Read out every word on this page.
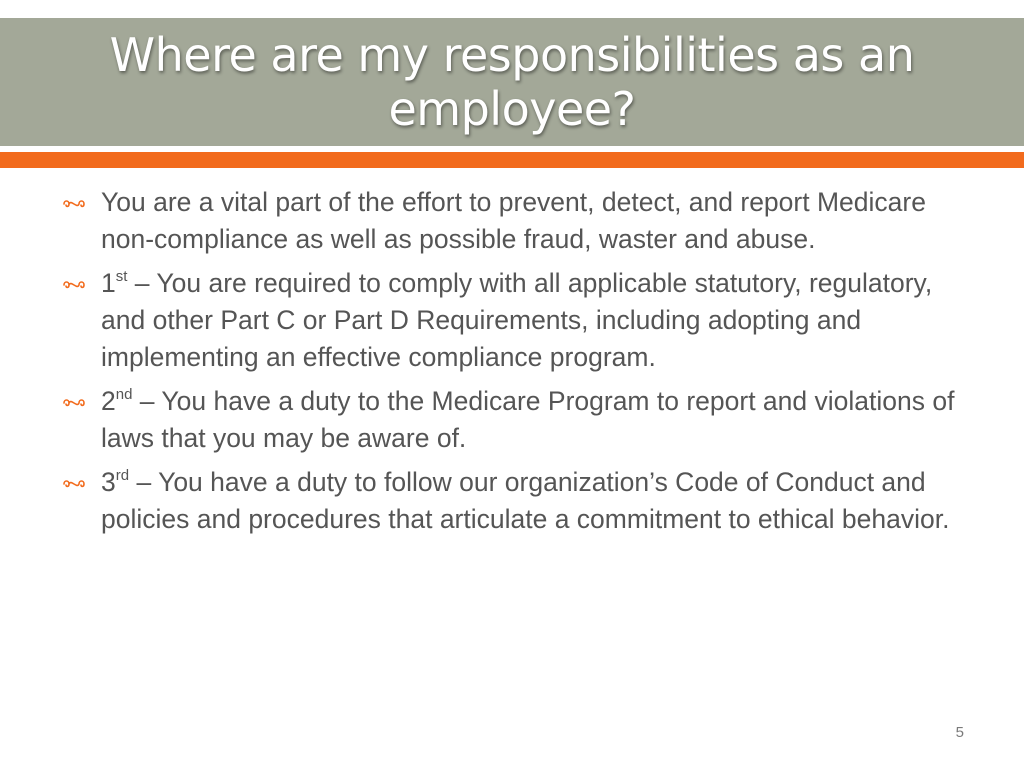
Where are my responsibilities as an employee?
You are a vital part of the effort to prevent, detect, and report Medicare non-compliance as well as possible fraud, waster and abuse.
1st – You are required to comply with all applicable statutory, regulatory, and other Part C or Part D Requirements, including adopting and implementing an effective compliance program.
2nd – You have a duty to the Medicare Program to report and violations of laws that you may be aware of.
3rd – You have a duty to follow our organization’s Code of Conduct and policies and procedures that articulate a commitment to ethical behavior.
5
